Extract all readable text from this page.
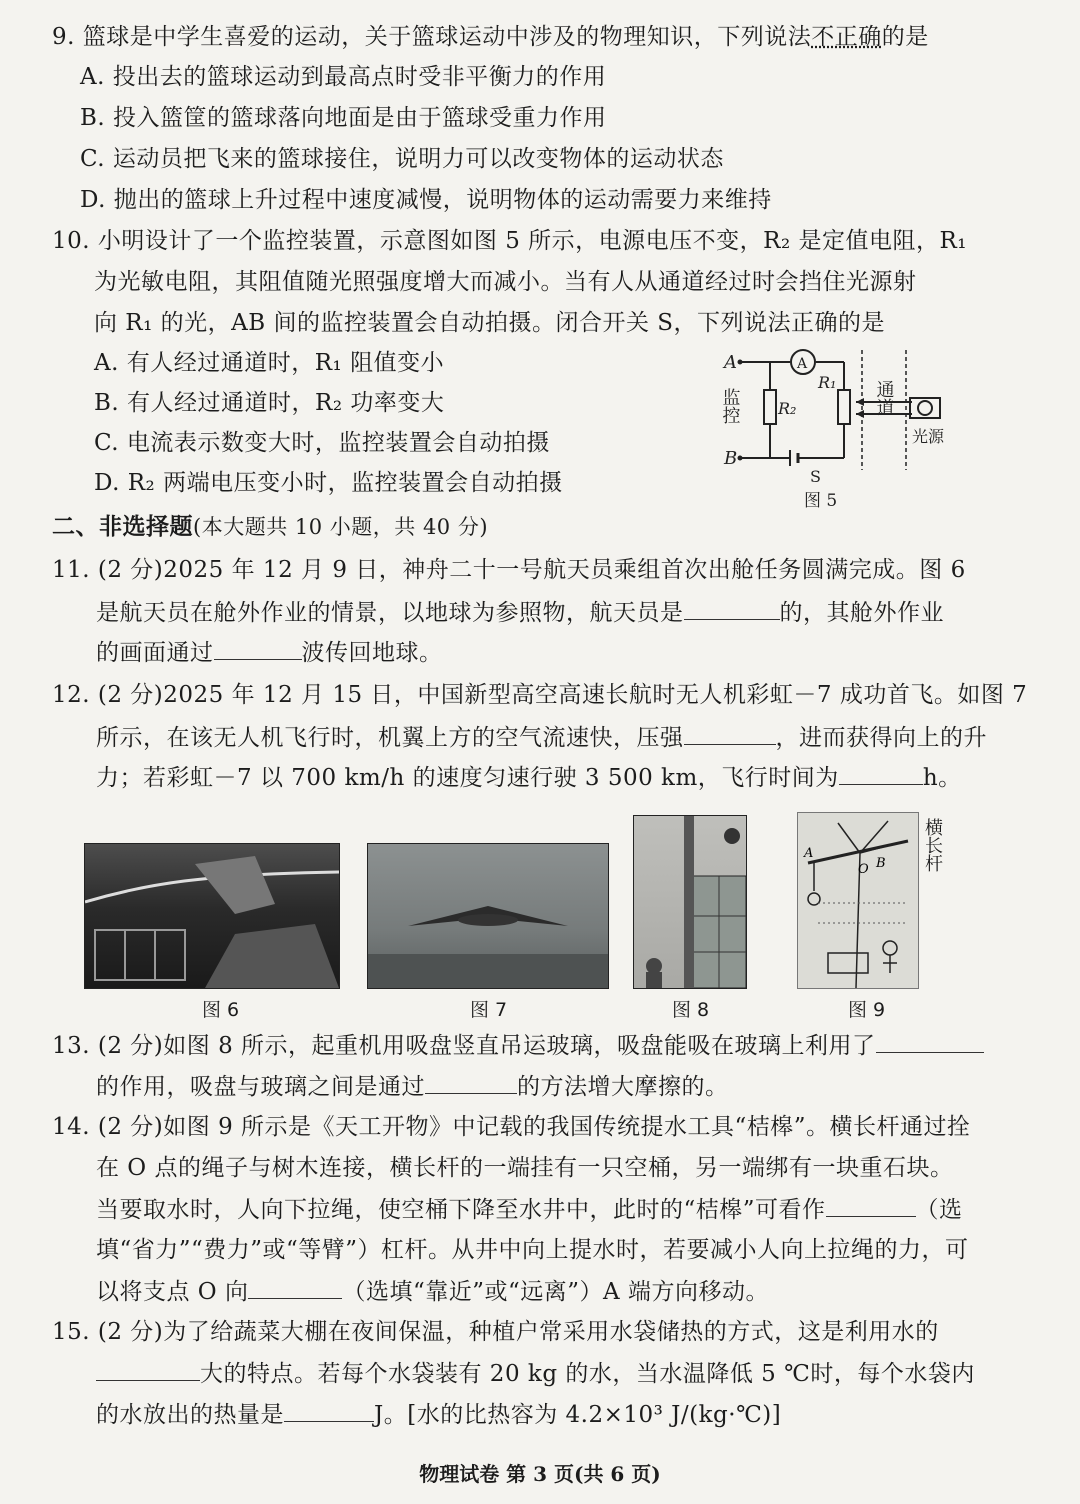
9. 篮球是中学生喜爱的运动，关于篮球运动中涉及的物理知识，下列说法不正确的是
A. 投出去的篮球运动到最高点时受非平衡力的作用
B. 投入篮筐的篮球落向地面是由于篮球受重力作用
C. 运动员把飞来的篮球接住，说明力可以改变物体的运动状态
D. 抛出的篮球上升过程中速度减慢，说明物体的运动需要力来维持
10. 小明设计了一个监控装置，示意图如图 5 所示，电源电压不变，R₂ 是定值电阻，R₁
为光敏电阻，其阻值随光照强度增大而减小。当有人从通道经过时会挡住光源射
向 R₁ 的光，AB 间的监控装置会自动拍摄。闭合开关 S，下列说法正确的是
A. 有人经过通道时，R₁ 阻值变小
B. 有人经过通道时，R₂ 功率变大
C. 电流表示数变大时，监控装置会自动拍摄
D. R₂ 两端电压变小时，监控装置会自动拍摄
A
B
A
R₂
R₁
S
图 5
监控	通道
光源
二、非选择题(本大题共 10 小题，共 40 分)
11. (2 分)2025 年 12 月 9 日，神舟二十一号航天员乘组首次出舱任务圆满完成。图 6
是航天员在舱外作业的情景，以地球为参照物，航天员是	的，其舱外作业
的画面通过	波传回地球。
12. (2 分)2025 年 12 月 15 日，中国新型高空高速长航时无人机彩虹－7 成功首飞。如图 7
所示，在该无人机飞行时，机翼上方的空气流速快，压强	，进而获得向上的升
力；若彩虹－7 以 700 km/h 的速度匀速行驶 3 500 km，飞行时间为	h。
图 6	图 7	图 8
A
B
O	横长杆
图 9
13. (2 分)如图 8 所示，起重机用吸盘竖直吊运玻璃，吸盘能吸在玻璃上利用了
的作用，吸盘与玻璃之间是通过	的方法增大摩擦的。
14. (2 分)如图 9 所示是《天工开物》中记载的我国传统提水工具“桔槔”。横长杆通过拴
在 O 点的绳子与树木连接，横长杆的一端挂有一只空桶，另一端绑有一块重石块。
当要取水时，人向下拉绳，使空桶下降至水井中，此时的“桔槔”可看作	（选
填“省力”“费力”或“等臂”）杠杆。从井中向上提水时，若要减小人向上拉绳的力，可
以将支点 O 向	（选填“靠近”或“远离”）A 端方向移动。
15. (2 分)为了给蔬菜大棚在夜间保温，种植户常采用水袋储热的方式，这是利用水的
大的特点。若每个水袋装有 20 kg 的水，当水温降低 5 ℃时，每个水袋内
的水放出的热量是	J。[水的比热容为 4.2×10³ J/(kg·℃)]
物理试卷 第 3 页(共 6 页)
